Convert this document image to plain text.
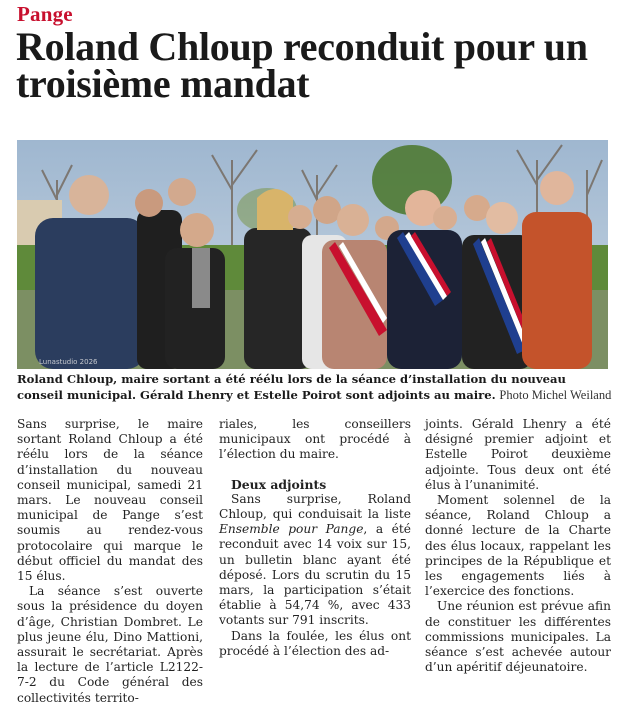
Pange
Roland Chloup reconduit pour un troisième mandat
Lunastudio 2026

Roland Chloup, maire sortant a été réélu lors de la séance d’installation du nouveau conseil municipal. Gérald Lhenry et Estelle Poirot sont adjoints au maire. Photo Michel Weiland

Sans surprise, le maire sortant Roland Chloup a été réélu lors de la séance d’installation du nouveau conseil municipal, samedi 21 mars. Le nouveau conseil municipal de Pange s’est soumis au rendez-vous protocolaire qui marque le début officiel du mandat des 15 élus.

La séance s’est ouverte sous la présidence du doyen d’âge, Christian Dombret. Le plus jeune élu, Dino Mattioni, assurait le secrétariat. Après la lecture de l’article L2122-7-2 du Code général des collectivités territo-

riales, les conseillers municipaux ont procédé à l’élection du maire.

Deux adjoints

Sans surprise, Roland Chloup, qui conduisait la liste Ensemble pour Pange, a été reconduit avec 14 voix sur 15, un bulletin blanc ayant été déposé. Lors du scrutin du 15 mars, la participation s’était établie à 54,74 %, avec 433 votants sur 791 inscrits.

Dans la foulée, les élus ont procédé à l’élection des ad-

joints. Gérald Lhenry a été désigné premier adjoint et Estelle Poirot deuxième adjointe. Tous deux ont été élus à l’unanimité.

Moment solennel de la séance, Roland Chloup a donné lecture de la Charte des élus locaux, rappelant les principes de la République et les engagements liés à l’exercice des fonctions.

Une réunion est prévue afin de constituer les différentes commissions municipales. La séance s’est achevée autour d’un apéritif déjeunatoire.
